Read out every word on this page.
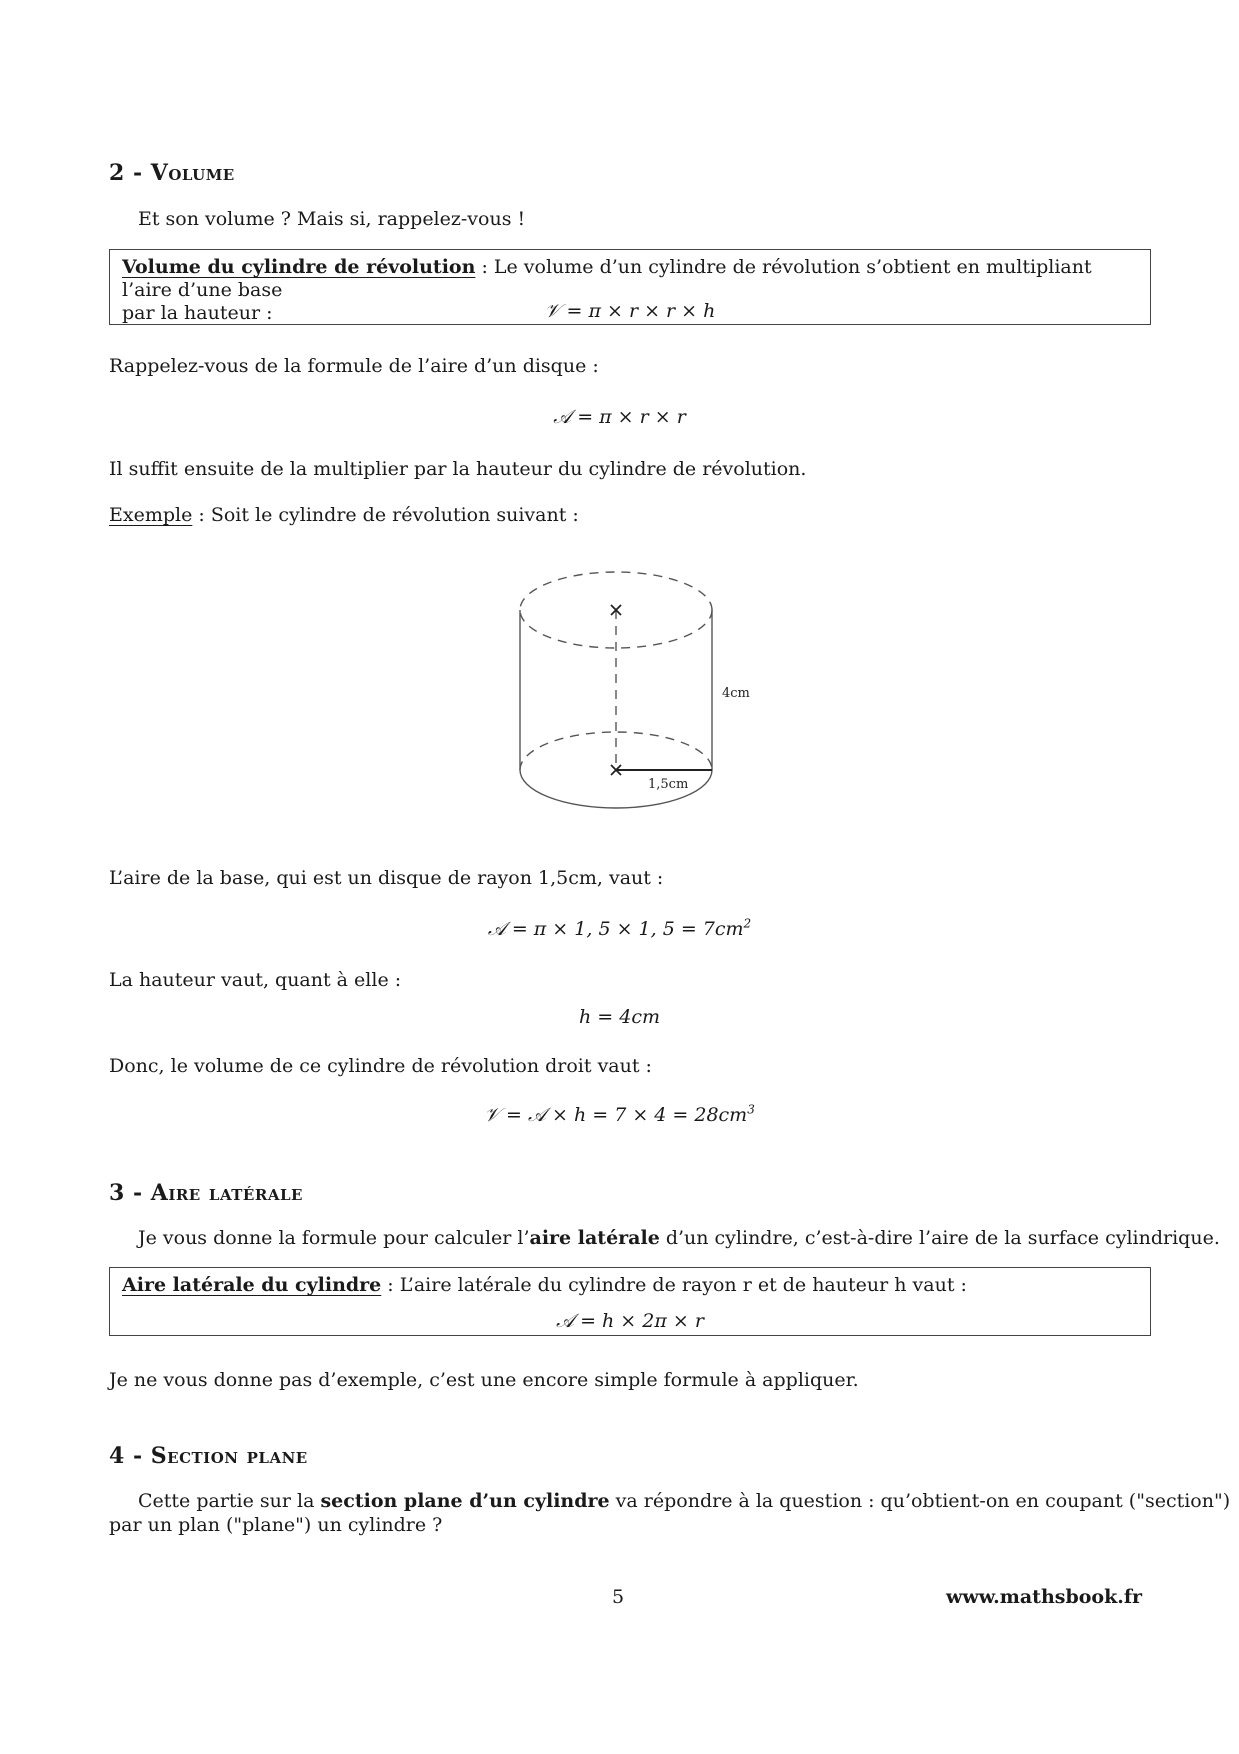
2 - Volume
Et son volume ? Mais si, rappelez-vous !
Volume du cylindre de révolution : Le volume d’un cylindre de révolution s’obtient en multipliant l’aire d’une base
par la hauteur :	𝒱 = π × r × r × h
Rappelez-vous de la formule de l’aire d’un disque :
𝒜 = π × r × r
Il suffit ensuite de la multiplier par la hauteur du cylindre de révolution.
Exemple : Soit le cylindre de révolution suivant :
4cm
1,5cm
L’aire de la base, qui est un disque de rayon 1,5cm, vaut :
𝒜 = π × 1, 5 × 1, $5 = 7cm^2$
La hauteur vaut, quant à elle :
h = 4cm
Donc, le volume de ce cylindre de révolution droit vaut :
𝒱 = 𝒜 × $h = 7 \times 4 = 28cm^3$
3 - Aire latérale
Je vous donne la formule pour calculer l’aire latérale d’un cylindre, c’est-à-dire l’aire de la surface cylindrique.
Aire latérale du cylindre : L’aire latérale du cylindre de rayon r et de hauteur h vaut :
𝒜 = h × 2π × r
Je ne vous donne pas d’exemple, c’est une encore simple formule à appliquer.
4 - Section plane
Cette partie sur la section plane d’un cylindre va répondre à la question : qu’obtient-on en coupant ("section")
par un plan ("plane") un cylindre ?
5	www.mathsbook.fr
